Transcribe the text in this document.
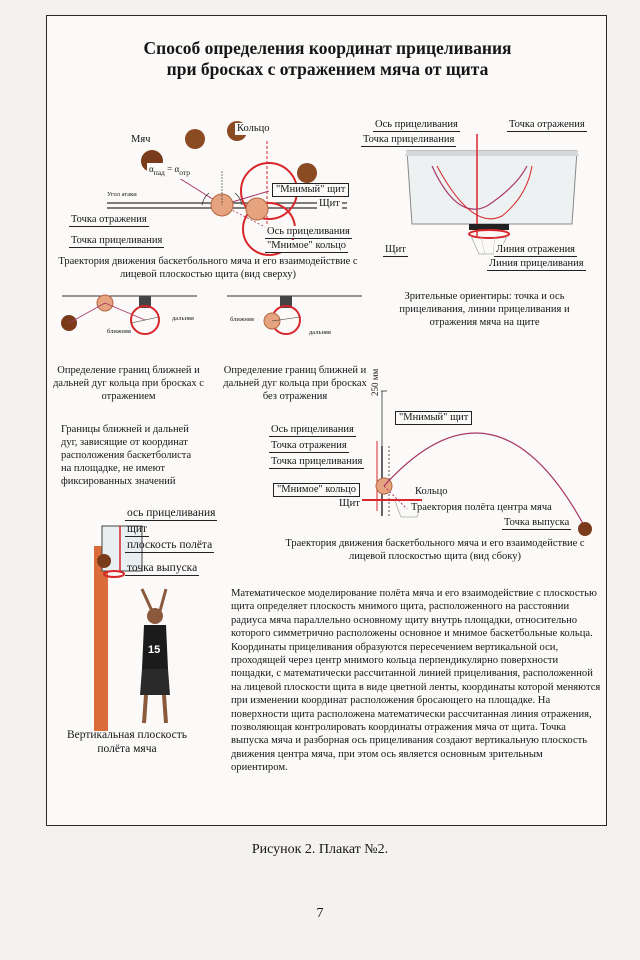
Способ определения координат прицеливания
при бросках с отражением мяча от щита
Мяч
Кольцо
$\alpha_{пад} = \alpha_{отр}$
Угол атаки	"Мнимый" щит
Щит
Точка отражения
Ось прицеливания
Точка прицеливания	"Мнимое" кольцо

Траектория движения баскетбольного мяча и его взаимодействие с лицевой плоскостью щита (вид сверху)

Ось прицеливания
Точка прицеливания
Точка отражения
Щит	Линия отражения
Линия прицеливания

Зрительные ориентиры: точка и ось прицеливания, линии прицеливания и отражения мяча на щите

ближняя
дальняя

Определение границ ближней и дальней дуг кольца при бросках с отражением

ближняя
дальняя

Определение границ ближней и дальней дуг кольца при бросках без отражения

Границы ближней и дальней дуг, зависящие от координат расположения баскетболиста на площадке, не имеют фиксированных значений

250 мм
"Мнимый" щит
Ось прицеливания
Точка отражения
Точка прицеливания
"Мнимое" кольцо	Кольцо
Щит	Траектория полёта центра мяча
Точка выпуска

Траектория движения баскетбольного мяча и его взаимодействие с лицевой плоскостью щита (вид сбоку)

15
ось прицеливания
щит
плоскость полёта
точка выпуска

Вертикальная плоскость полёта мяча

Математическое моделирование полёта мяча и его взаимодействие с плоскостью щита определяет плоскость мнимого щита, расположенного на расстоянии радиуса мяча параллельно основному щиту внутрь площадки, относительно которого симметрично расположены основное и мнимое баскетбольные кольца. Координаты прицеливания образуются пересечением вертикальной оси, проходящей через центр мнимого кольца перпендикулярно поверхности пощадки, с математически рассчитанной линией прицеливания, расположенной на лицевой плоскости щита в виде цветной ленты, координаты которой меняются при изменении координат расположения бросающего на площадке. На поверхности щита расположена математически рассчитанная линия отражения, позволяющая контролировать координаты отражения мяча от щита. Точка выпуска мяча и разборная ось прицеливания создают вертикальную плоскость движения центра мяча, при этом ось является основным зрительным ориентиром.

Рисунок 2. Плакат №2.

7
